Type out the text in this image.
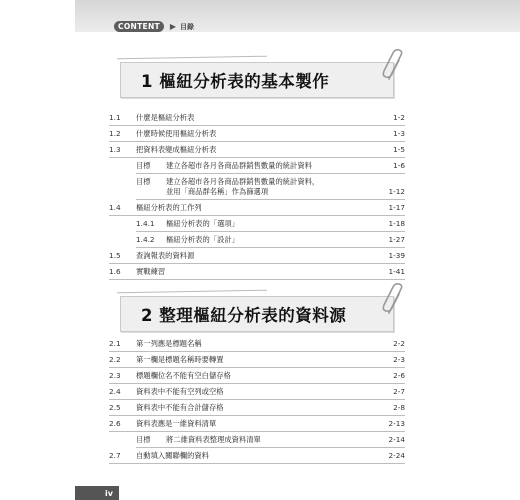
CONTENT	▶ 目錄
1 樞紐分析表的基本製作
1.1	什麼是樞紐分析表	1-2
1.2	什麼時候使用樞紐分析表	1-3
1.3	把資料表變成樞紐分析表	1-5
目標	建立各超市各月各商品群銷售數量的統計資料	1-6
目標	建立各超市各月各商品群銷售數量的統計資料，
並用「商品群名稱」作為篩選項	1-12
1.4	樞紐分析表的工作列	1-17
1.4.1	樞紐分析表的「選項」	1-18
1.4.2	樞紐分析表的「設計」	1-27
1.5	查詢報表的資料源	1-39
1.6	實戰練習	1-41
2 整理樞紐分析表的資料源
2.1	第一列應是標題名稱	2-2
2.2	第一欄是標題名稱時要轉置	2-3
2.3	標題欄位名不能有空白儲存格	2-6
2.4	資料表中不能有空列或空格	2-7
2.5	資料表中不能有合計儲存格	2-8
2.6	資料表應是一維資料清單	2-13
目標	將二維資料表整理成資料清單	2-14
2.7	自動填入關聯欄的資料	2-24
iv
